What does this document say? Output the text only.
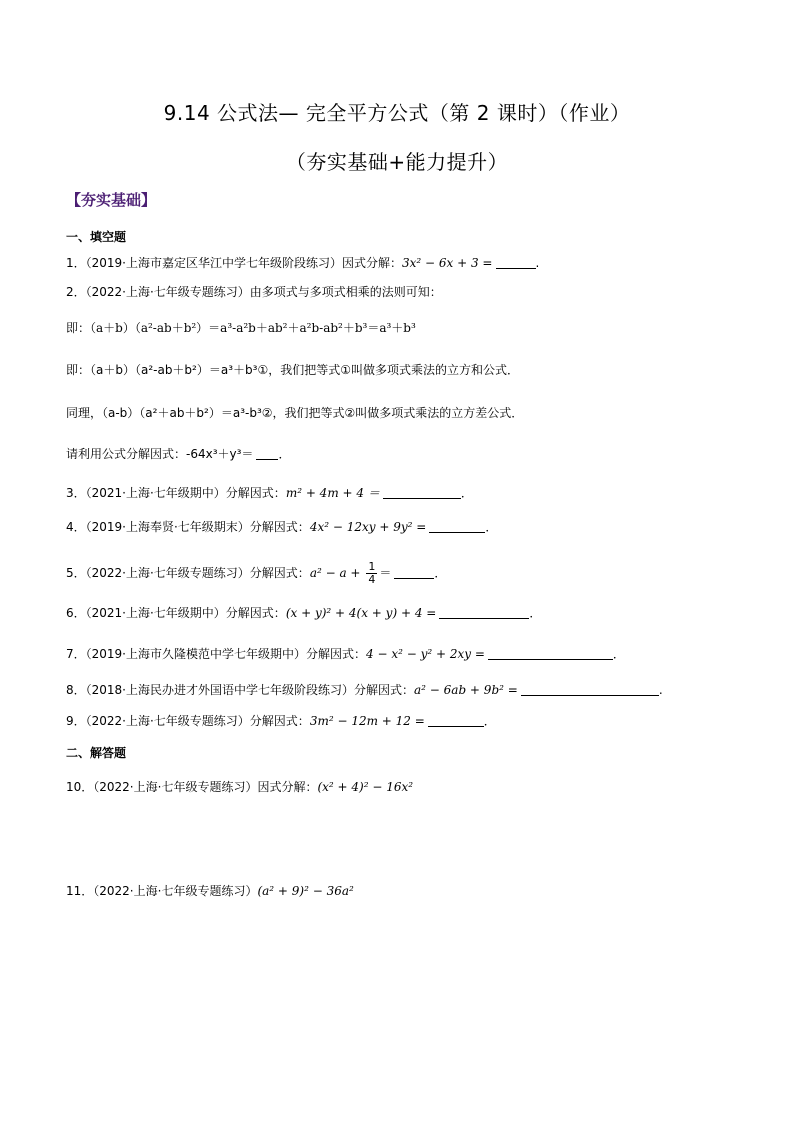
9.14 公式法— 完全平方公式（第 2 课时）（作业）
（夯实基础+能力提升）
【夯实基础】
一、填空题
1．（2019·上海市嘉定区华江中学七年级阶段练习）因式分解：3x² − 6x + 3 =	.
2．（2022·上海·七年级专题练习）由多项式与多项式相乘的法则可知：
即：（a＋b）（a²-ab＋b²）＝a³-a²b＋ab²＋a²b-ab²＋b³＝a³＋b³
即：（a＋b）（a²-ab＋b²）＝a³＋b³①，我们把等式①叫做多项式乘法的立方和公式．
同理，（a-b）（a²＋ab＋b²）＝a³-b³②，我们把等式②叫做多项式乘法的立方差公式．
请利用公式分解因式：-64x³＋y³＝ ．
3．（2021·上海·七年级期中）分解因式：m² + 4m + 4 ＝	．
4．（2019·上海奉贤·七年级期末）分解因式：4x² − 12xy + 9y² =	．
5．（2022·上海·七年级专题练习）分解因式：$a^2 - a + \frac{1}{4}$ ＝	．
6．（2021·上海·七年级期中）分解因式：(x + y)² + 4(x + y) + 4 =	．
7．（2019·上海市久隆模范中学七年级期中）分解因式：4 − x² − y² + 2xy =	．
8．（2018·上海民办进才外国语中学七年级阶段练习）分解因式：a² − 6ab + 9b² =	.
9．（2022·上海·七年级专题练习）分解因式：3m² − 12m + 12 =	．
二、解答题
10．（2022·上海·七年级专题练习）因式分解：(x² + 4)² − 16x²
11．（2022·上海·七年级专题练习）(a² + 9)² − 36a²
